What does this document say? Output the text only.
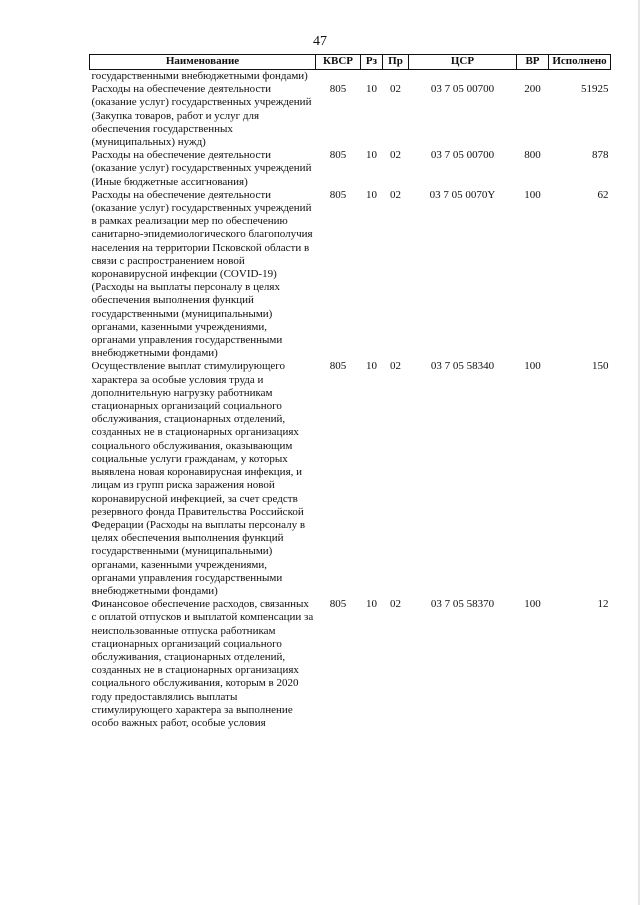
47
Наименование	КВСР	Рз	Пр	ЦСР	ВР	Исполнено
государственными внебюджетными фондами)						
Расходы на обеспечение деятельности (оказание услуг) государственных учреждений (Закупка товаров, работ и услуг для обеспечения государственных (муниципальных) нужд)	805	10	02	03 7 05 00700	200	51925
Расходы на обеспечение деятельности (оказание услуг) государственных учреждений (Иные бюджетные ассигнования)	805	10	02	03 7 05 00700	800	878
Расходы на обеспечение деятельности (оказание услуг) государственных учреждений в рамках реализации мер по обеспечению санитарно-эпидемиологического благополучия населения на территории Псковской области в связи с распространением новой коронавирусной инфекции (COVID-19) (Расходы на выплаты персоналу в целях обеспечения выполнения функций государственными (муниципальными) органами, казенными учреждениями, органами управления государственными внебюджетными фондами)	805	10	02	03 7 05 0070Y	100	62
Осуществление выплат стимулирующего характера за особые условия труда и дополнительную нагрузку работникам стационарных организаций социального обслуживания, стационарных отделений, созданных не в стационарных организациях социального обслуживания, оказывающим социальные услуги гражданам, у которых выявлена новая коронавирусная инфекция, и лицам из групп риска заражения новой коронавирусной инфекцией, за счет средств резервного фонда Правительства Российской Федерации (Расходы на выплаты персоналу в целях обеспечения выполнения функций государственными (муниципальными) органами, казенными учреждениями, органами управления государственными внебюджетными фондами)	805	10	02	03 7 05 58340	100	150
Финансовое обеспечение расходов, связанных с оплатой отпусков и выплатой компенсации за неиспользованные отпуска работникам стационарных организаций социального обслуживания, стационарных отделений, созданных не в стационарных организациях социального обслуживания, которым в 2020 году предоставлялись выплаты стимулирующего характера за выполнение особо важных работ, особые условия	805	10	02	03 7 05 58370	100	12
